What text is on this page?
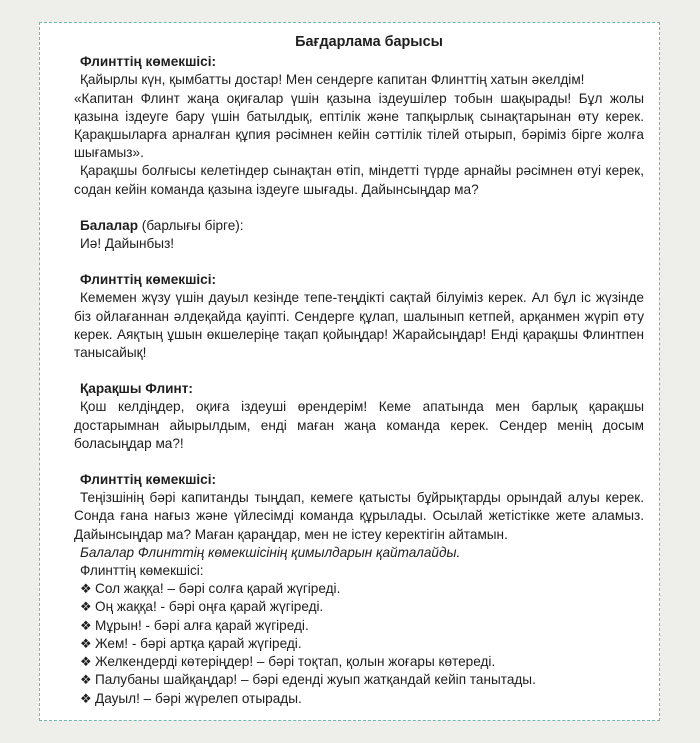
Бағдарлама барысы
Флинттің көмекшісі:

Қайырлы күн, қымбатты достар! Мен сендерге капитан Флинттің хатын әкелдім!

«Капитан Флинт жаңа оқиғалар үшін қазына іздеушілер тобын шақырады! Бұл жолы қазына іздеуге бару үшін батылдық, ептілік және тапқырлық сынақтарынан өту керек. Қарақшыларға арналған құпия рәсімнен кейін сәттілік тілей отырып, бәріміз бірге жолға шығамыз».

Қарақшы болғысы келетіндер сынақтан өтіп, міндетті түрде арнайы рәсімнен өтуі керек, содан кейін команда қазына іздеуге шығады. Дайынсыңдар ма?

Балалар (барлығы бірге):

Иә! Дайынбыз!

Флинттің көмекшісі:

Кемемен жүзу үшін дауыл кезінде тепе-теңдікті сақтай білуіміз керек. Ал бұл іс жүзінде біз ойлағаннан әлдеқайда қауіпті. Сендерге құлап, шалынып кетпей, арқанмен жүріп өту керек. Аяқтың ұшын өкшелеріңе тақап қойыңдар! Жарайсыңдар! Енді қарақшы Флинтпен танысайық!

Қарақшы Флинт:

Қош келдіңдер, оқиға іздеуші өрендерім! Кеме апатында мен барлық қарақшы достарымнан айырылдым, енді маған жаңа команда керек. Сендер менің досым боласыңдар ма?!

Флинттің көмекшісі:

Теңізшінің бәрі капитанды тыңдап, кемеге қатысты бұйрықтарды орындай алуы керек. Сонда ғана нағыз және үйлесімді команда құрылады. Осылай жетістікке жете аламыз. Дайынсыңдар ма? Маған қараңдар, мен не істеу керектігін айтамын.

Балалар Флинттің көмекшісінің қимылдарын қайталайды.
Флинттің көмекшісі:
❖ Сол жаққа! – бәрі солға қарай жүгіреді.
❖ Оң жаққа! - бәрі оңға қарай жүгіреді.
❖ Мұрын! - бәрі алға қарай жүгіреді.
❖ Жем! - бәрі артқа қарай жүгіреді.
❖ Желкендерді көтеріңдер! – бәрі тоқтап, қолын жоғары көтереді.
❖ Палубаны шайқаңдар! – бәрі еденді жуып жатқандай кейіп танытады.
❖ Дауыл! – бәрі жүрелеп отырады.
